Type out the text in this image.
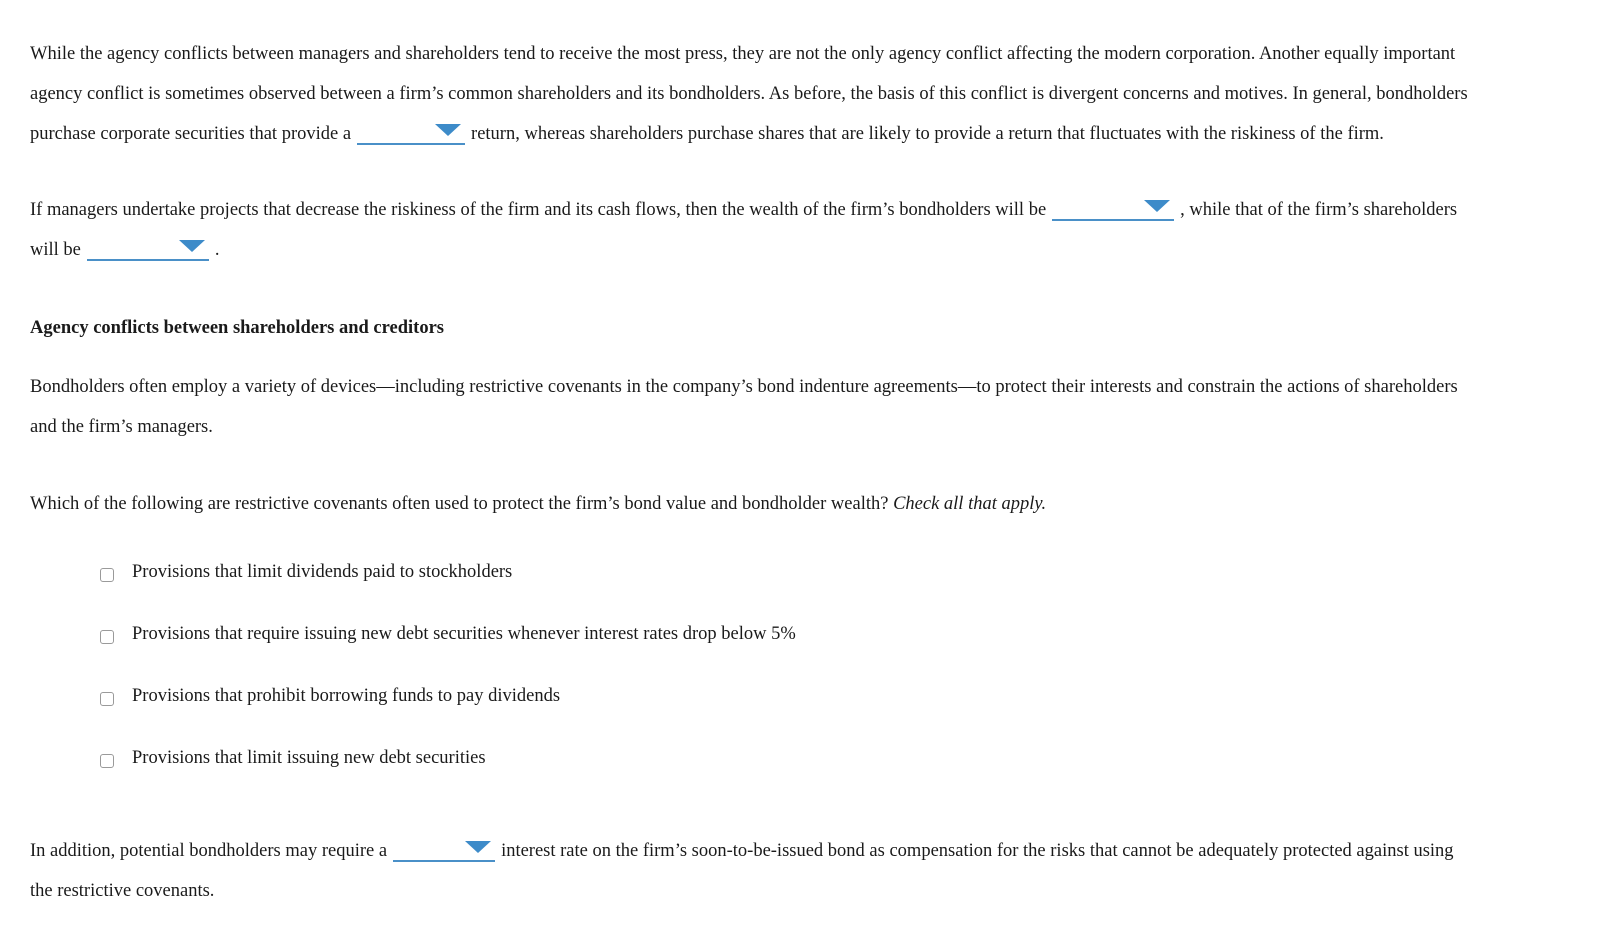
While the agency conflicts between managers and shareholders tend to receive the most press, they are not the only agency conflict affecting the modern corporation. Another equally important
agency conflict is sometimes observed between a firm’s common shareholders and its bondholders. As before, the basis of this conflict is divergent concerns and motives. In general, bondholders
purchase corporate securities that provide a	return, whereas shareholders purchase shares that are likely to provide a return that fluctuates with the riskiness of the firm.
If managers undertake projects that decrease the riskiness of the firm and its cash flows, then the wealth of the firm’s bondholders will be	, while that of the firm’s shareholders
will be	.
Agency conflicts between shareholders and creditors
Bondholders often employ a variety of devices—including restrictive covenants in the company’s bond indenture agreements—to protect their interests and constrain the actions of shareholders
and the firm’s managers.
Which of the following are restrictive covenants often used to protect the firm’s bond value and bondholder wealth? Check all that apply.
Provisions that limit dividends paid to stockholders
Provisions that require issuing new debt securities whenever interest rates drop below 5%
Provisions that prohibit borrowing funds to pay dividends
Provisions that limit issuing new debt securities
In addition, potential bondholders may require a	interest rate on the firm’s soon-to-be-issued bond as compensation for the risks that cannot be adequately protected against using
the restrictive covenants.
